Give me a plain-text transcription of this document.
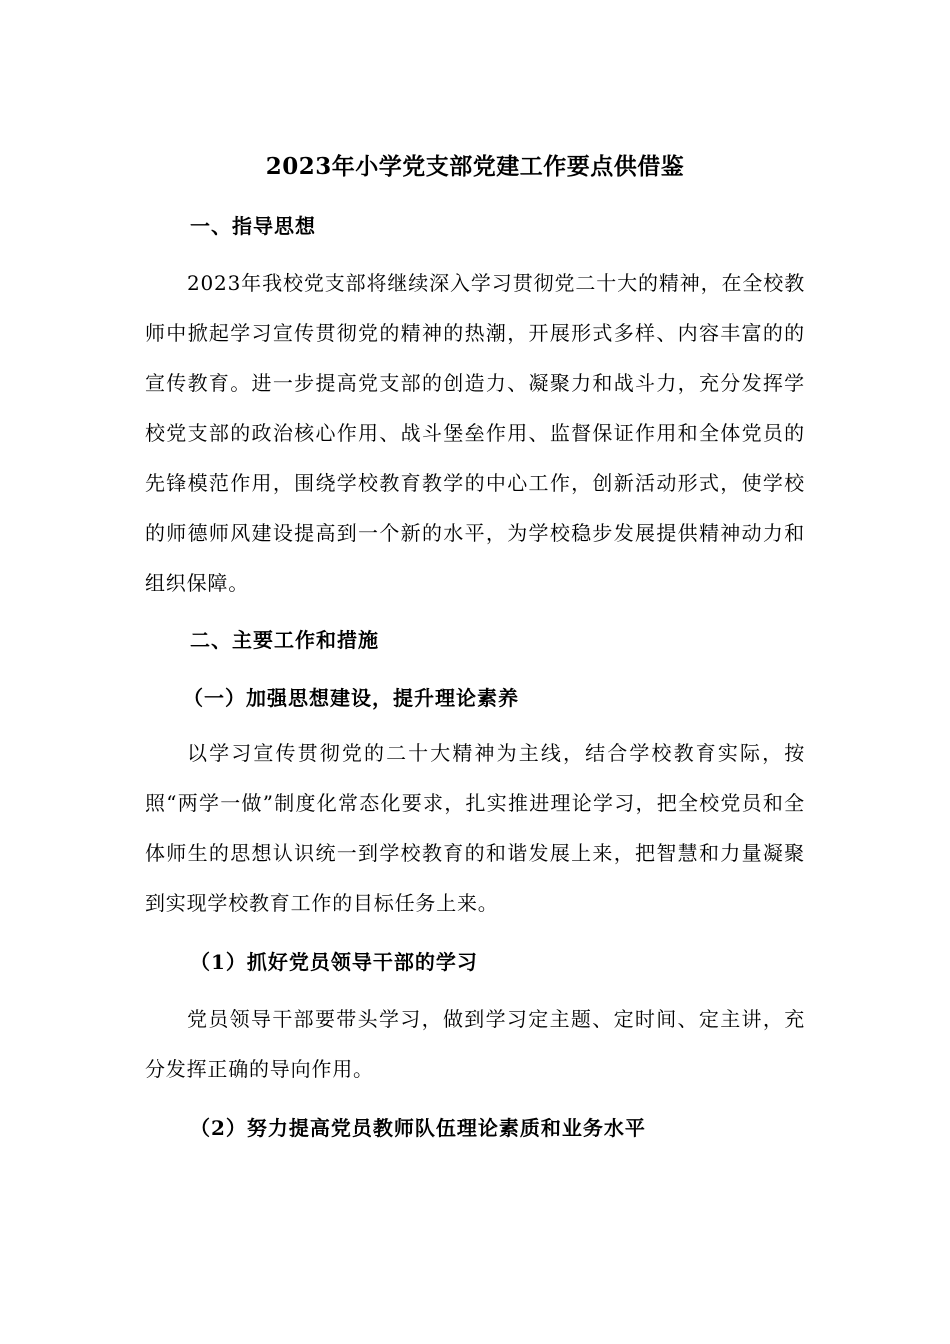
2023年小学党支部党建工作要点供借鉴
一、指导思想
2023年我校党支部将继续深入学习贯彻党二十大的精神，在全校教师中掀起学习宣传贯彻党的精神的热潮，开展形式多样、内容丰富的的宣传教育。进一步提高党支部的创造力、凝聚力和战斗力，充分发挥学校党支部的政治核心作用、战斗堡垒作用、监督保证作用和全体党员的先锋模范作用，围绕学校教育教学的中心工作，创新活动形式，使学校的师德师风建设提高到一个新的水平，为学校稳步发展提供精神动力和组织保障。
二、主要工作和措施
（一）加强思想建设，提升理论素养
以学习宣传贯彻党的二十大精神为主线，结合学校教育实际，按照“两学一做”制度化常态化要求，扎实推进理论学习，把全校党员和全体师生的思想认识统一到学校教育的和谐发展上来，把智慧和力量凝聚到实现学校教育工作的目标任务上来。
（1）抓好党员领导干部的学习
党员领导干部要带头学习，做到学习定主题、定时间、定主讲，充分发挥正确的导向作用。
（2）努力提高党员教师队伍理论素质和业务水平
